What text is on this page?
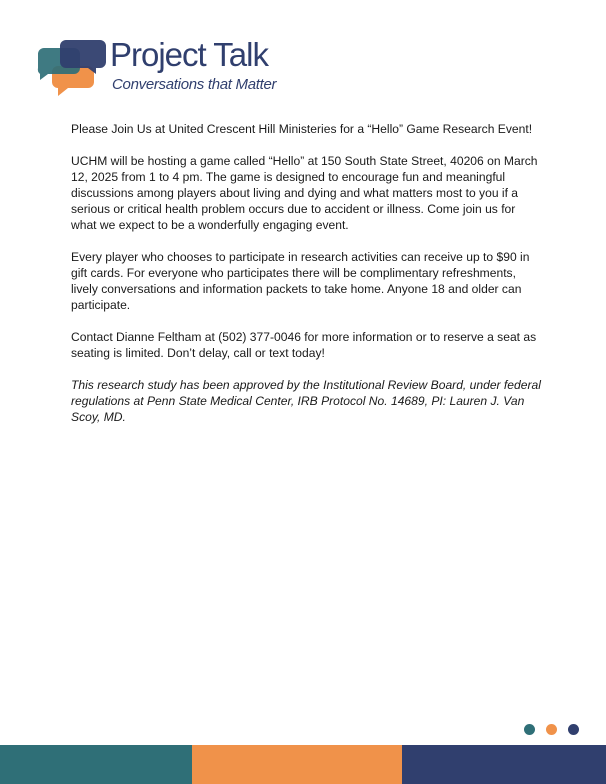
Project Talk
Conversations that Matter

Please Join Us at United Crescent Hill Ministeries for a “Hello” Game Research Event!

UCHM will be hosting a game called “Hello” at 150 South State Street, 40206 on March 12, 2025 from 1 to 4 pm. The game is designed to encourage fun and meaningful discussions among players about living and dying and what matters most to you if a serious or critical health problem occurs due to accident or illness. Come join us for what we expect to be a wonderfully engaging event.

Every player who chooses to participate in research activities can receive up to $90 in gift cards. For everyone who participates there will be complimentary refreshments, lively conversations and information packets to take home. Anyone 18 and older can participate.

Contact Dianne Feltham at (502) 377-0046 for more information or to reserve a seat as seating is limited. Don’t delay, call or text today!

This research study has been approved by the Institutional Review Board, under federal regulations at Penn State Medical Center, IRB Protocol No. 14689, PI: Lauren J. Van Scoy, MD.
